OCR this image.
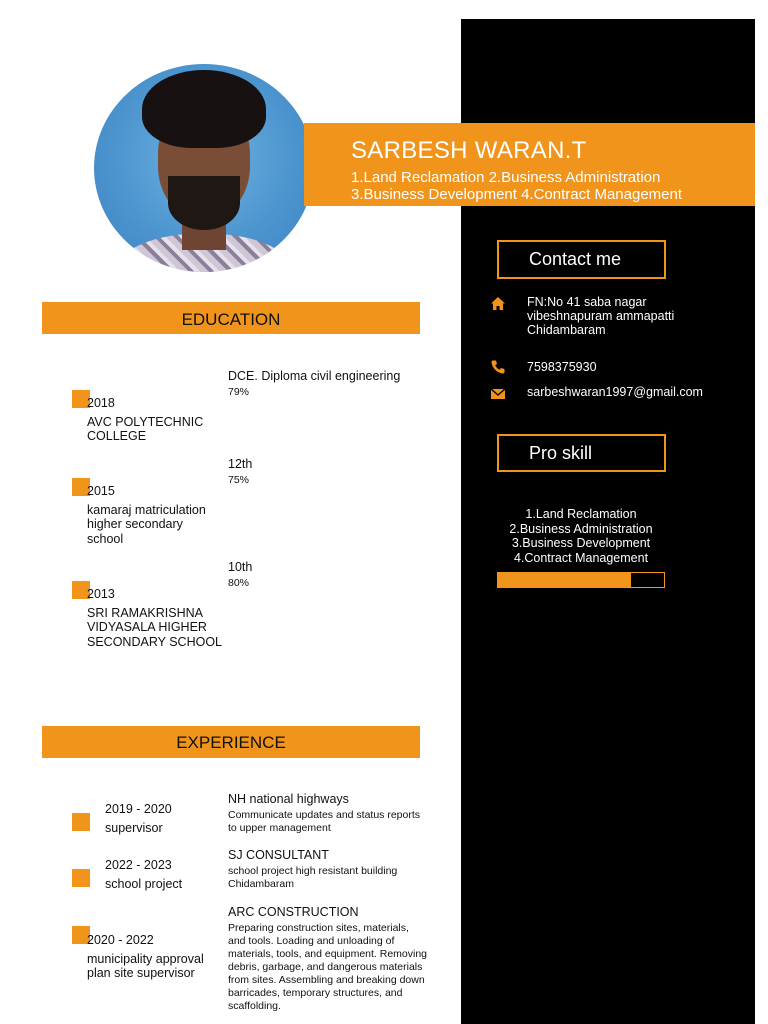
SARBESH WARAN.T
1.Land Reclamation 2.Business Administration
3.Business Development 4.Contract Management
Contact me
FN:No 41 saba nagar
vibeshnapuram ammapatti
Chidambaram
7598375930
sarbeshwaran1997@gmail.com
Pro skill
1.Land Reclamation
2.Business Administration
3.Business Development
4.Contract Management
EDUCATION
2018
AVC POLYTECHNIC
COLLEGE
DCE. Diploma civil engineering
79%
2015
kamaraj matriculation
higher secondary
school
12th
75%
2013
SRI RAMAKRISHNA
VIDYASALA HIGHER
SECONDARY SCHOOL
10th
80%
EXPERIENCE
2019 - 2020
supervisor
NH national highways
Communicate updates and status reports
to upper management
2022 - 2023
school project
SJ CONSULTANT
school project high resistant building
Chidambaram
2020 - 2022
municipality approval
plan site supervisor
ARC CONSTRUCTION
Preparing construction sites, materials,
and tools. Loading and unloading of
materials, tools, and equipment. Removing
debris, garbage, and dangerous materials
from sites. Assembling and breaking down
barricades, temporary structures, and
scaffolding.
